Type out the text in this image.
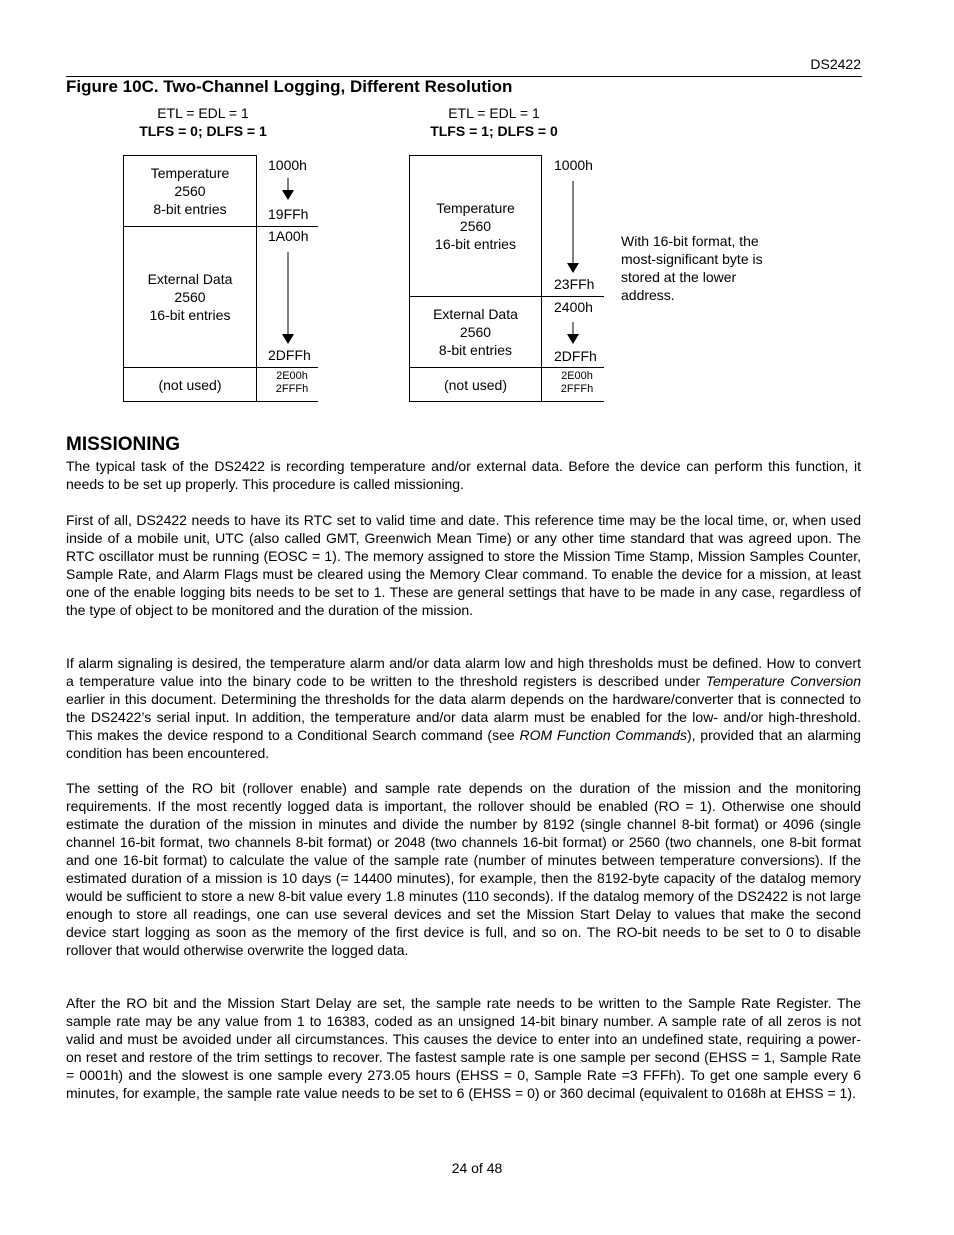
DS2422
Figure 10C. Two-Channel Logging, Different Resolution
ETL = EDL = 1
TLFS = 0; DLFS = 1
ETL = EDL = 1
TLFS = 1; DLFS = 0
Temperature
2560
8-bit entries
1000h
19FFh
External Data
2560
16-bit entries
1A00h
2DFFh
(not used)
2E00h
2FFFh
Temperature
2560
16-bit entries
1000h
23FFh
External Data
2560
8-bit entries
2400h
2DFFh
(not used)
2E00h
2FFFh
With 16-bit format, the most-significant byte is stored at the lower address.
MISSIONING
The typical task of the DS2422 is recording temperature and/or external data. Before the device can perform this function, it needs to be set up properly. This procedure is called missioning.
First of all, DS2422 needs to have its RTC set to valid time and date. This reference time may be the local time, or, when used inside of a mobile unit, UTC (also called GMT, Greenwich Mean Time) or any other time standard that was agreed upon. The RTC oscillator must be running (EOSC = 1). The memory assigned to store the Mission Time Stamp, Mission Samples Counter, Sample Rate, and Alarm Flags must be cleared using the Memory Clear command. To enable the device for a mission, at least one of the enable logging bits needs to be set to 1. These are general settings that have to be made in any case, regardless of the type of object to be monitored and the duration of the mission.
If alarm signaling is desired, the temperature alarm and/or data alarm low and high thresholds must be defined. How to convert a temperature value into the binary code to be written to the threshold registers is described under Temperature Conversion earlier in this document. Determining the thresholds for the data alarm depends on the hardware/converter that is connected to the DS2422’s serial input. In addition, the temperature and/or data alarm must be enabled for the low- and/or high-threshold. This makes the device respond to a Conditional Search command (see ROM Function Commands), provided that an alarming condition has been encountered.
The setting of the RO bit (rollover enable) and sample rate depends on the duration of the mission and the monitoring requirements. If the most recently logged data is important, the rollover should be enabled (RO = 1). Otherwise one should estimate the duration of the mission in minutes and divide the number by 8192 (single channel 8-bit format) or 4096 (single channel 16-bit format, two channels 8-bit format) or 2048 (two channels 16-bit format) or 2560 (two channels, one 8-bit format and one 16-bit format) to calculate the value of the sample rate (number of minutes between temperature conversions). If the estimated duration of a mission is 10 days (= 14400 minutes), for example, then the 8192-byte capacity of the datalog memory would be sufficient to store a new 8-bit value every 1.8 minutes (110 seconds). If the datalog memory of the DS2422 is not large enough to store all readings, one can use several devices and set the Mission Start Delay to values that make the second device start logging as soon as the memory of the first device is full, and so on. The RO-bit needs to be set to 0 to disable rollover that would otherwise overwrite the logged data.
After the RO bit and the Mission Start Delay are set, the sample rate needs to be written to the Sample Rate Register. The sample rate may be any value from 1 to 16383, coded as an unsigned 14-bit binary number. A sample rate of all zeros is not valid and must be avoided under all circumstances. This causes the device to enter into an undefined state, requiring a power-on reset and restore of the trim settings to recover. The fastest sample rate is one sample per second (EHSS = 1, Sample Rate = 0001h) and the slowest is one sample every 273.05 hours (EHSS = 0, Sample Rate =3 FFFh). To get one sample every 6 minutes, for example, the sample rate value needs to be set to 6 (EHSS = 0) or 360 decimal (equivalent to 0168h at EHSS = 1).
24 of 48
